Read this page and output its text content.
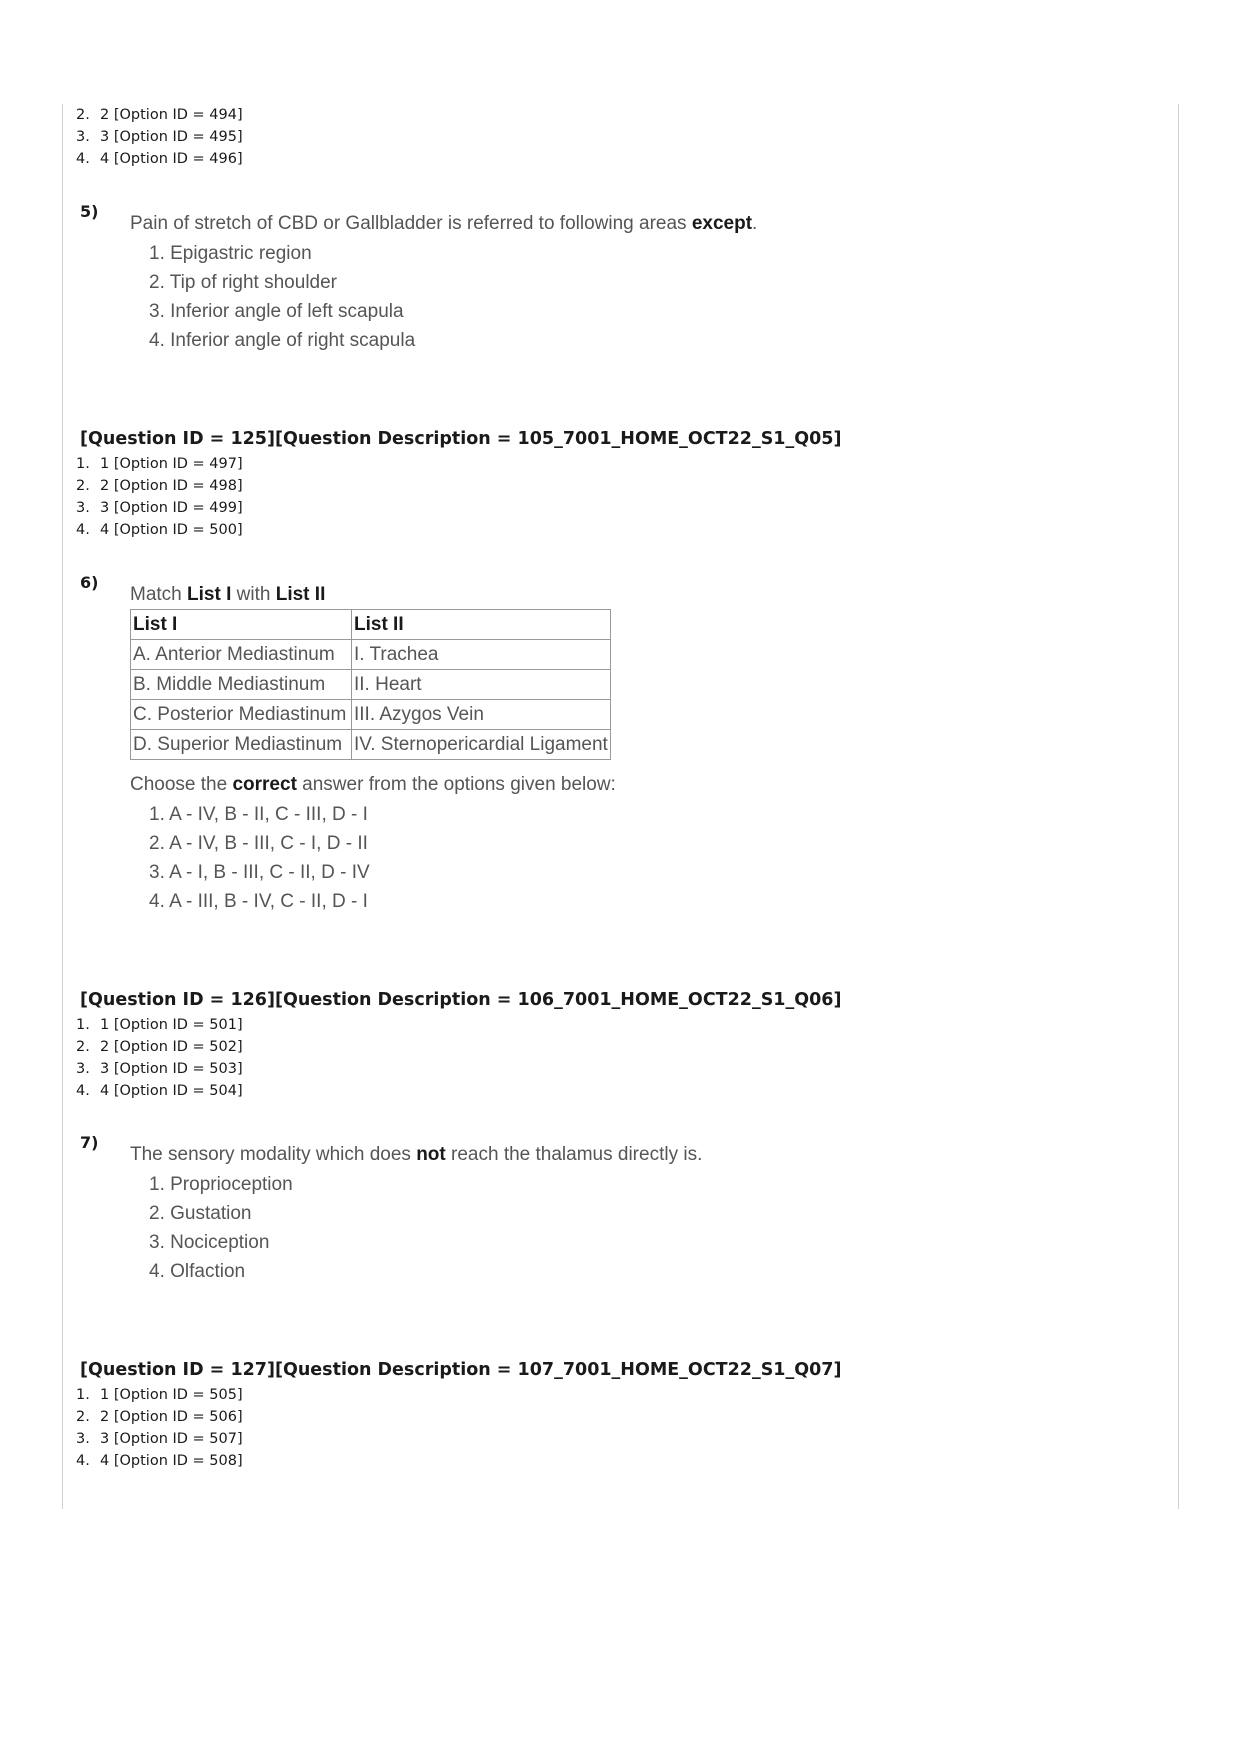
2. 2 [Option ID = 494]
3. 3 [Option ID = 495]
4. 4 [Option ID = 496]
5)
Pain of stretch of CBD or Gallbladder is referred to following areas except.
1. Epigastric region
2. Tip of right shoulder
3. Inferior angle of left scapula
4. Inferior angle of right scapula
[Question ID = 125][Question Description = 105_7001_HOME_OCT22_S1_Q05]
1. 1 [Option ID = 497]
2. 2 [Option ID = 498]
3. 3 [Option ID = 499]
4. 4 [Option ID = 500]
6)
Match List I with List II
List I	List II
A. Anterior Mediastinum	I. Trachea
B. Middle Mediastinum	II. Heart
C. Posterior Mediastinum	III. Azygos Vein
D. Superior Mediastinum	IV. Sternopericardial Ligament
Choose the correct answer from the options given below:
1. A - IV, B - II, C - III, D - I
2. A - IV, B - III, C - I, D - II
3. A - I, B - III, C - II, D - IV
4. A - III, B - IV, C - II, D - I
[Question ID = 126][Question Description = 106_7001_HOME_OCT22_S1_Q06]
1. 1 [Option ID = 501]
2. 2 [Option ID = 502]
3. 3 [Option ID = 503]
4. 4 [Option ID = 504]
7)
The sensory modality which does not reach the thalamus directly is.
1. Proprioception
2. Gustation
3. Nociception
4. Olfaction
[Question ID = 127][Question Description = 107_7001_HOME_OCT22_S1_Q07]
1. 1 [Option ID = 505]
2. 2 [Option ID = 506]
3. 3 [Option ID = 507]
4. 4 [Option ID = 508]
